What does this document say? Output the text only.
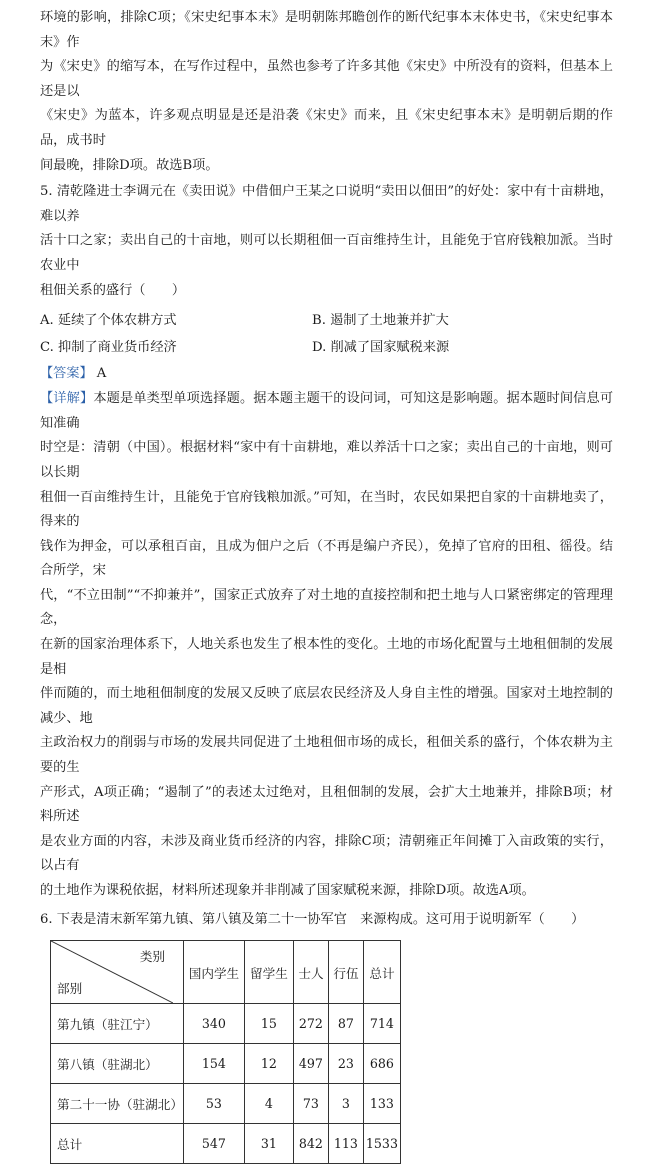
环境的影响，排除C项；《宋史纪事本末》是明朝陈邦瞻创作的断代纪事本末体史书，《宋史纪事本末》作

为《宋史》的缩写本，在写作过程中，虽然也参考了许多其他《宋史》中所没有的资料，但基本上还是以

《宋史》为蓝本，许多观点明显是还是沿袭《宋史》而来，且《宋史纪事本末》是明朝后期的作品，成书时

间最晚，排除D项。故选B项。

5. 清乾隆进士李调元在《卖田说》中借佃户王某之口说明“卖田以佃田”的好处：家中有十亩耕地，难以养

活十口之家；卖出自己的十亩地，则可以长期租佃一百亩维持生计，且能免于官府钱粮加派。当时农业中

租佃关系的盛行（　　）

A. 延续了个体农耕方式	B. 遏制了土地兼并扩大
C. 抑制了商业货币经济	D. 削减了国家赋税来源
【答案】 A

【详解】本题是单类型单项选择题。据本题主题干的设问词，可知这是影响题。据本题时间信息可知准确

时空是：清朝（中国）。根据材料“家中有十亩耕地，难以养活十口之家；卖出自己的十亩地，则可以长期

租佃一百亩维持生计，且能免于官府钱粮加派。”可知，在当时，农民如果把自家的十亩耕地卖了，得来的

钱作为押金，可以承租百亩，且成为佃户之后（不再是编户齐民），免掉了官府的田租、徭役。结合所学，宋

代，“不立田制”“不抑兼并”，国家正式放弃了对土地的直接控制和把土地与人口紧密绑定的管理理念，

在新的国家治理体系下，人地关系也发生了根本性的变化。土地的市场化配置与土地租佃制的发展是相

伴而随的，而土地租佃制度的发展又反映了底层农民经济及人身自主性的增强。国家对土地控制的减少、地

主政治权力的削弱与市场的发展共同促进了土地租佃市场的成长，租佃关系的盛行，个体农耕为主要的生

产形式，A项正确；“遏制了”的表述太过绝对，且租佃制的发展，会扩大土地兼并，排除B项；材料所述

是农业方面的内容，未涉及商业货币经济的内容，排除C项；清朝雍正年间摊丁入亩政策的实行，以占有

的土地作为课税依据，材料所述现象并非削减了国家赋税来源，排除D项。故选A项。

6. 下表是清末新军第九镇、第八镇及第二十一协军官　来源构成。这可用于说明新军（　　）

类别
部别	国内学生	留学生	士人	行伍	总计
第九镇（驻江宁）	340	15	272	87	714
第八镇（驻湖北）	154	12	497	23	686
第二十一协（驻湖北）	53	4	73	3	133
总计	547	31	842	113	1533
